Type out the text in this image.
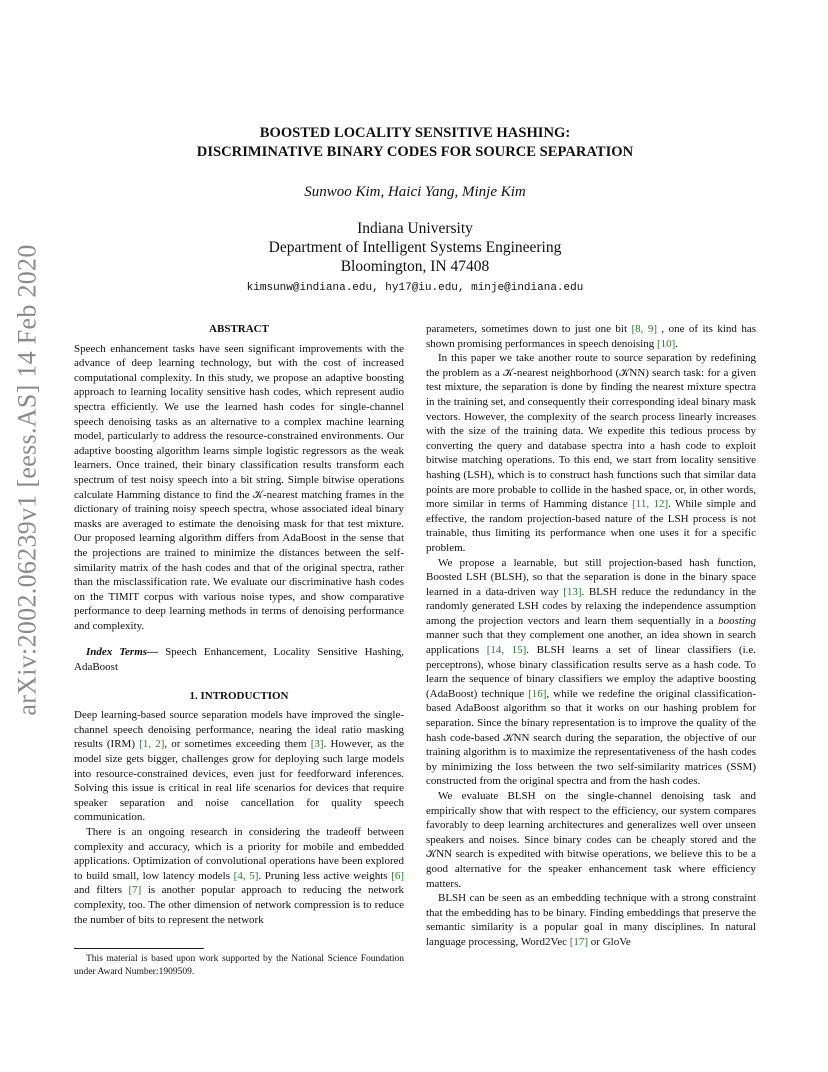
arXiv:2002.06239v1 [eess.AS] 14 Feb 2020
BOOSTED LOCALITY SENSITIVE HASHING:
DISCRIMINATIVE BINARY CODES FOR SOURCE SEPARATION
Sunwoo Kim, Haici Yang, Minje Kim
Indiana University
Department of Intelligent Systems Engineering
Bloomington, IN 47408
kimsunw@indiana.edu, hy17@iu.edu, minje@indiana.edu
ABSTRACT

Speech enhancement tasks have seen significant improvements with the advance of deep learning technology, but with the cost of increased computational complexity. In this study, we propose an adaptive boosting approach to learning locality sensitive hash codes, which represent audio spectra efficiently. We use the learned hash codes for single-channel speech denoising tasks as an alternative to a complex machine learning model, particularly to address the resource-constrained environments. Our adaptive boosting algorithm learns simple logistic regressors as the weak learners. Once trained, their binary classification results transform each spectrum of test noisy speech into a bit string. Simple bitwise operations calculate Hamming distance to find the 𝒦-nearest matching frames in the dictionary of training noisy speech spectra, whose associated ideal binary masks are averaged to estimate the denoising mask for that test mixture. Our proposed learning algorithm differs from AdaBoost in the sense that the projections are trained to minimize the distances between the self-similarity matrix of the hash codes and that of the original spectra, rather than the misclassification rate. We evaluate our discriminative hash codes on the TIMIT corpus with various noise types, and show comparative performance to deep learning methods in terms of denoising performance and complexity.

Index Terms— Speech Enhancement, Locality Sensitive Hashing, AdaBoost

1. INTRODUCTION

Deep learning-based source separation models have improved the single-channel speech denoising performance, nearing the ideal ratio masking results (IRM) [1, 2], or sometimes exceeding them [3]. However, as the model size gets bigger, challenges grow for deploying such large models into resource-constrained devices, even just for feedforward inferences. Solving this issue is critical in real life scenarios for devices that require speaker separation and noise cancellation for quality speech communication.

There is an ongoing research in considering the tradeoff between complexity and accuracy, which is a priority for mobile and embedded applications. Optimization of convolutional operations have been explored to build small, low latency models [4, 5]. Pruning less active weights [6] and filters [7] is another popular approach to reducing the network complexity, too. The other dimension of network compression is to reduce the number of bits to represent the network

This material is based upon work supported by the National Science Foundation under Award Number:1909509.

parameters, sometimes down to just one bit [8, 9] , one of its kind has shown promising performances in speech denoising [10].

In this paper we take another route to source separation by redefining the problem as a 𝒦-nearest neighborhood (𝒦NN) search task: for a given test mixture, the separation is done by finding the nearest mixture spectra in the training set, and consequently their corresponding ideal binary mask vectors. However, the complexity of the search process linearly increases with the size of the training data. We expedite this tedious process by converting the query and database spectra into a hash code to exploit bitwise matching operations. To this end, we start from locality sensitive hashing (LSH), which is to construct hash functions such that similar data points are more probable to collide in the hashed space, or, in other words, more similar in terms of Hamming distance [11, 12]. While simple and effective, the random projection-based nature of the LSH process is not trainable, thus limiting its performance when one uses it for a specific problem.

We propose a learnable, but still projection-based hash function, Boosted LSH (BLSH), so that the separation is done in the binary space learned in a data-driven way [13]. BLSH reduce the redundancy in the randomly generated LSH codes by relaxing the independence assumption among the projection vectors and learn them sequentially in a boosting manner such that they complement one another, an idea shown in search applications [14, 15]. BLSH learns a set of linear classifiers (i.e. perceptrons), whose binary classification results serve as a hash code. To learn the sequence of binary classifiers we employ the adaptive boosting (AdaBoost) technique [16], while we redefine the original classification-based AdaBoost algorithm so that it works on our hashing problem for separation. Since the binary representation is to improve the quality of the hash code-based 𝒦NN search during the separation, the objective of our training algorithm is to maximize the representativeness of the hash codes by minimizing the loss between the two self-similarity matrices (SSM) constructed from the original spectra and from the hash codes.

We evaluate BLSH on the single-channel denoising task and empirically show that with respect to the efficiency, our system compares favorably to deep learning architectures and generalizes well over unseen speakers and noises. Since binary codes can be cheaply stored and the 𝒦NN search is expedited with bitwise operations, we believe this to be a good alternative for the speaker enhancement task where efficiency matters.

BLSH can be seen as an embedding technique with a strong constraint that the embedding has to be binary. Finding embeddings that preserve the semantic similarity is a popular goal in many disciplines. In natural language processing, Word2Vec [17] or GloVe
